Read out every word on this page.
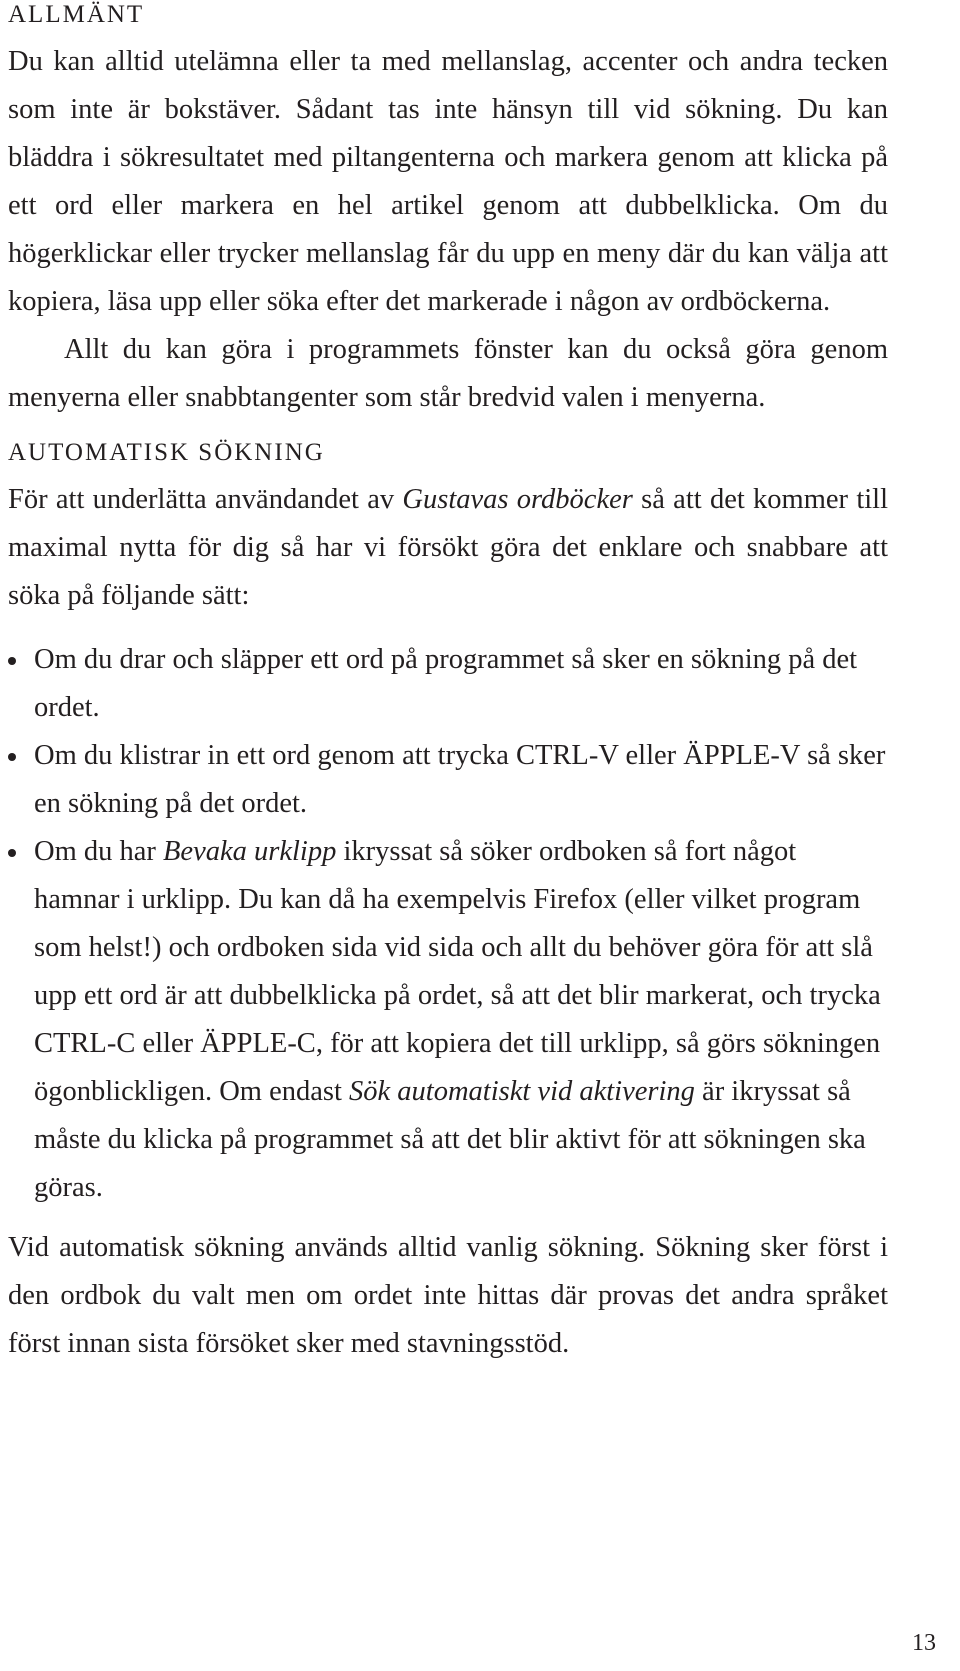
ALLMÄNT

Du kan alltid utelämna eller ta med mellanslag, accenter och andra tecken som inte är bokstäver. Sådant tas inte hänsyn till vid sökning. Du kan bläddra i sökresultatet med piltangenterna och markera genom att klicka på ett ord eller markera en hel artikel genom att dubbelklicka. Om du högerklickar eller trycker mellanslag får du upp en meny där du kan välja att kopiera, läsa upp eller söka efter det markerade i någon av ordböckerna.

Allt du kan göra i programmets fönster kan du också göra genom menyerna eller snabbtangenter som står bredvid valen i menyerna.

AUTOMATISK SÖKNING

För att underlätta användandet av Gustavas ordböcker så att det kommer till maximal nytta för dig så har vi försökt göra det enklare och snabbare att söka på följande sätt:

Om du drar och släpper ett ord på programmet så sker en sökning på det ordet.
Om du klistrar in ett ord genom att trycka CTRL-V eller ÄPPLE-V så sker en sökning på det ordet.
Om du har Bevaka urklipp ikryssat så söker ordboken så fort något hamnar i urklipp. Du kan då ha exempelvis Firefox (eller vilket program som helst!) och ordboken sida vid sida och allt du behöver göra för att slå upp ett ord är att dubbelklicka på ordet, så att det blir markerat, och trycka CTRL-C eller ÄPPLE-C, för att kopiera det till urklipp, så görs sökningen ögonblickligen. Om endast Sök automatiskt vid aktivering är ikryssat så måste du klicka på programmet så att det blir aktivt för att sökningen ska göras.

Vid automatisk sökning används alltid vanlig sökning. Sökning sker först i den ordbok du valt men om ordet inte hittas där provas det andra språket först innan sista försöket sker med stavningsstöd.

13
